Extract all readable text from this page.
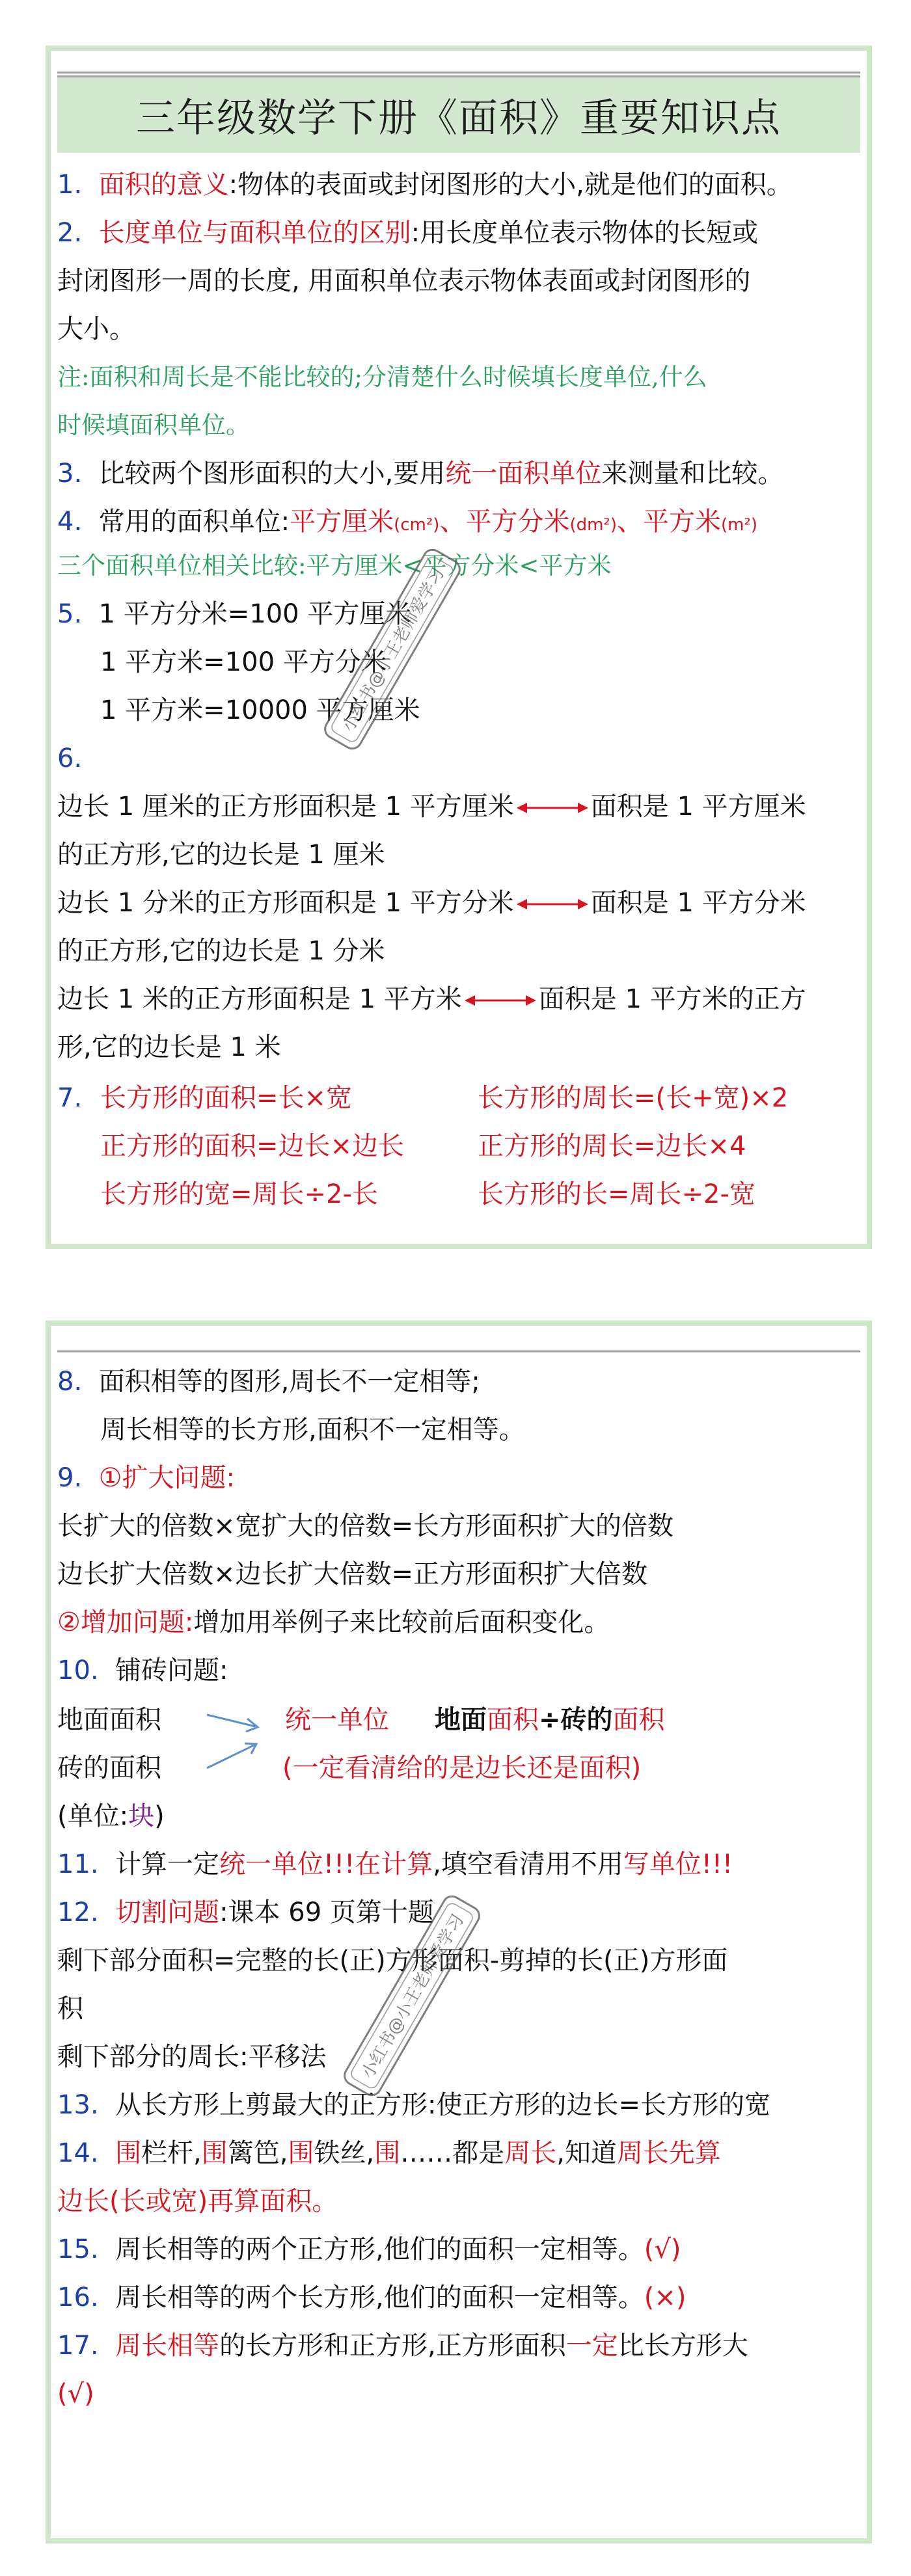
三年级数学下册《面积》重要知识点
1. 面积的意义:物体的表面或封闭图形的大小,就是他们的面积。
2. 长度单位与面积单位的区别:用长度单位表示物体的长短或
封闭图形一周的长度, 用面积单位表示物体表面或封闭图形的
大小。
注:面积和周长是不能比较的;分清楚什么时候填长度单位,什么
时候填面积单位。
3. 比较两个图形面积的大小,要用统一面积单位来测量和比较。
4. 常用的面积单位:平方厘米(cm²)、平方分米(dm²)、平方米(m²)
三个面积单位相关比较:平方厘米<平方分米<平方米
5. 1 平方分米=100 平方厘米
1 平方米=100 平方分米
1 平方米=10000 平方厘米
6.
边长 1 厘米的正方形面积是 1 平方厘米	面积是 1 平方厘米
的正方形,它的边长是 1 厘米
边长 1 分米的正方形面积是 1 平方分米	面积是 1 平方分米
的正方形,它的边长是 1 分米
边长 1 米的正方形面积是 1 平方米	面积是 1 平方米的正方
形,它的边长是 1 米
7. 长方形的面积=长×宽	长方形的周长=(长+宽)×2
正方形的面积=边长×边长	正方形的周长=边长×4
长方形的宽=周长÷2-长	长方形的长=周长÷2-宽
小红书@小王老师爱学习
8. 面积相等的图形,周长不一定相等;
周长相等的长方形,面积不一定相等。
9. ①扩大问题:
长扩大的倍数×宽扩大的倍数=长方形面积扩大的倍数
边长扩大倍数×边长扩大倍数=正方形面积扩大倍数
②增加问题:增加用举例子来比较前后面积变化。
10. 铺砖问题:
地面面积
砖的面积
统一单位 地面面积÷砖的面积
(一定看清给的是边长还是面积)
(单位:块)
11. 计算一定统一单位!!!在计算,填空看清用不用写单位!!!
12. 切割问题:课本 69 页第十题
剩下部分面积=完整的长(正)方形面积-剪掉的长(正)方形面
积
剩下部分的周长:平移法
13. 从长方形上剪最大的正方形:使正方形的边长=长方形的宽
14. 围栏杆,围篱笆,围铁丝,围……都是周长,知道周长先算
边长(长或宽)再算面积。
15. 周长相等的两个正方形,他们的面积一定相等。(√)
16. 周长相等的两个长方形,他们的面积一定相等。(×)
17. 周长相等的长方形和正方形,正方形面积一定比长方形大
(√)
小红书@小王老师爱学习
